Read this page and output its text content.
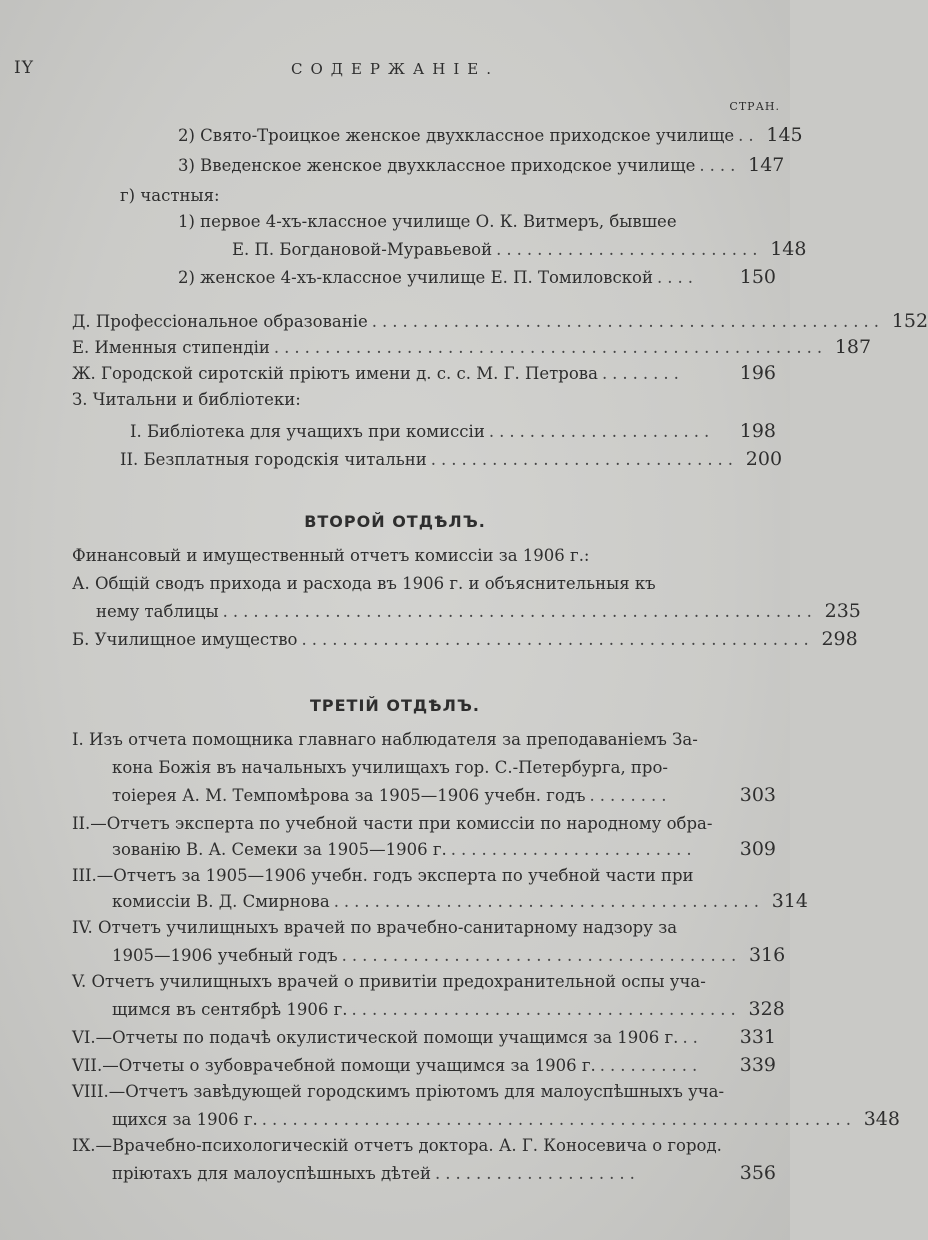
IY	СОДЕРЖАНІЕ.
СТРАН.
2) Свято-Троицкое женское двухклассное приходское училище .. 145
3) Введенское женское двухклассное приходское училище .... 147
г) частныя:
1) первое 4-хъ-классное училище О. К. Витмеръ, бывшее
Е. П. Богдановой-Муравьевой .......................... 148
2) женское 4-хъ-классное училище Е. П. Томиловской ....	150
Д. Профессіональное образованіе .................................................. 152
Е. Именныя стипендіи ...................................................... 187
Ж. Городской сиротскій пріютъ имени д. с. с. М. Г. Петрова ........	196
З. Читальни и библіотеки:
I. Библіотека для учащихъ при комиссіи ......................	198
II. Безплатныя городскія читальни .............................. 200
ВТОРОЙ ОТДѢЛЪ.
Финансовый и имущественный отчетъ комиссіи за 1906 г.:
А. Общій сводъ прихода и расхода въ 1906 г. и объяснительныя къ
нему таблицы .......................................................... 235
Б. Училищное имущество .................................................. 298
ТРЕТІЙ ОТДѢЛЪ.
I. Изъ отчета помощника главнаго наблюдателя за преподаваніемъ За-
кона Божія въ начальныхъ училищахъ гор. С.-Петербурга, про-
тоіерея А. М. Темпомѣрова за 1905—1906 учебн. годъ ........	303
II.—Отчетъ эксперта по учебной части при комиссіи по народному обра-
зованію В. А. Семеки за 1905—1906 г. ........................	309
III.—Отчетъ за 1905—1906 учебн. годъ эксперта по учебной части при
комиссіи В. Д. Смирнова .......................................... 314
IV. Отчетъ училищныхъ врачей по врачебно-санитарному надзору за
1905—1906 учебный годъ ....................................... 316
V. Отчетъ училищныхъ врачей о привитіи предохранительной оспы уча-
щимся въ сентябрѣ 1906 г. ...................................... 328
VI.—Отчеты по подачѣ окулистической помощи учащимся за 1906 г. ..	331
VII.—Отчеты о зубоврачебной помощи учащимся за 1906 г. ..........	339
VIII.—Отчетъ завѣдующей городскимъ пріютомъ для малоуспѣшныхъ уча-
щихся за 1906 г. .......................................................... 348
IX.—Врачебно-психологическій отчетъ доктора. А. Г. Коносевича о город.
пріютахъ для малоуспѣшныхъ дѣтей ....................	356
